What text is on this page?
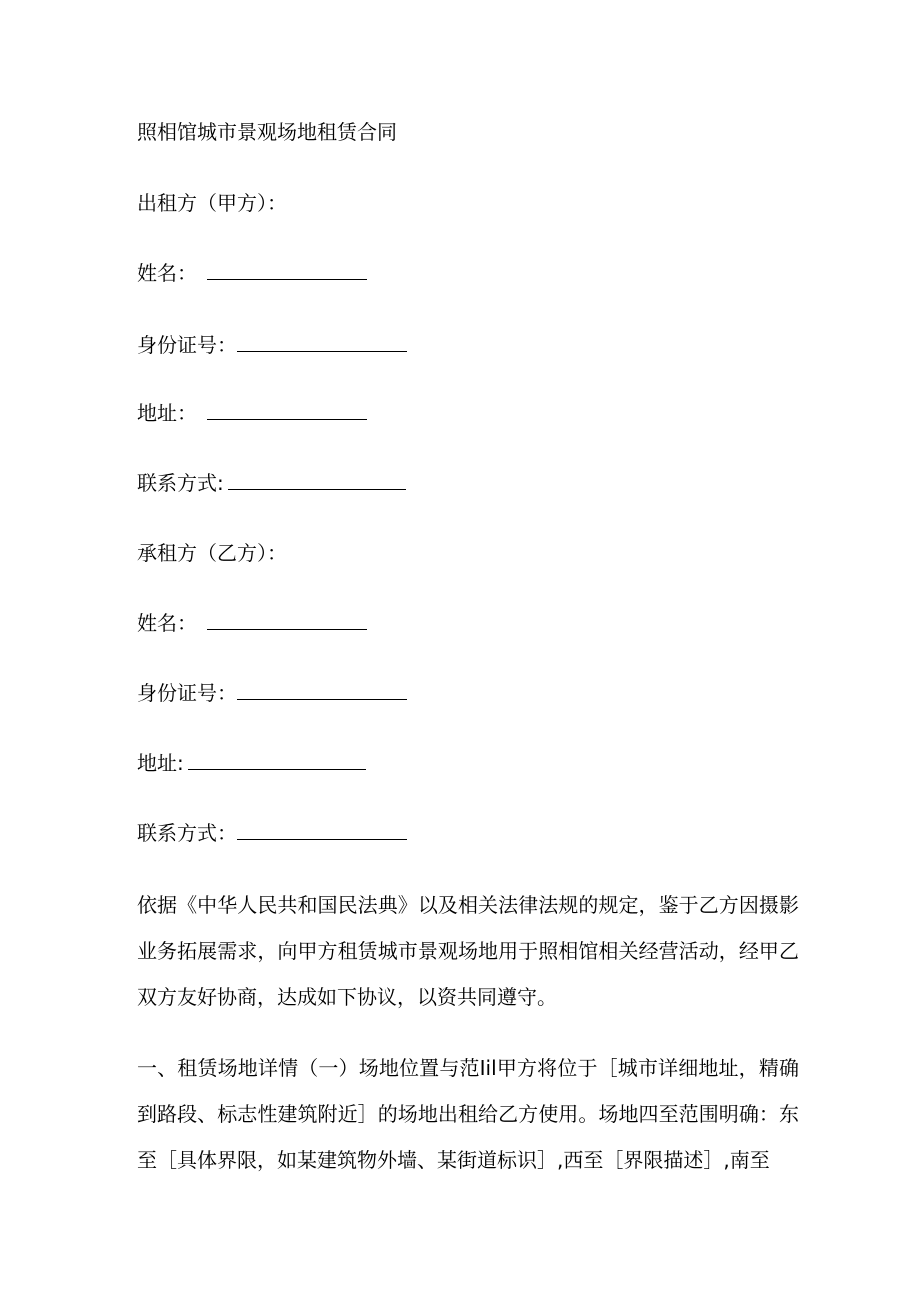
照相馆城市景观场地租赁合同
出租方（甲方）：
姓名：
身份证号：
地址：
联系方式:
承租方（乙方）：
姓名：
身份证号：
地址:
联系方式：

依据《中华人民共和国民法典》以及相关法律法规的规定，鉴于乙方因摄影业务拓展需求，向甲方租赁城市景观场地用于照相馆相关经营活动，经甲乙双方友好协商，达成如下协议，以资共同遵守。

一、租赁场地详情（一）场地位置与范Iil甲方将位于［城市详细地址，精确到路段、标志性建筑附近］的场地出租给乙方使用。场地四至范围明确：东至［具体界限，如某建筑物外墙、某街道标识］,西至［界限描述］,南至
